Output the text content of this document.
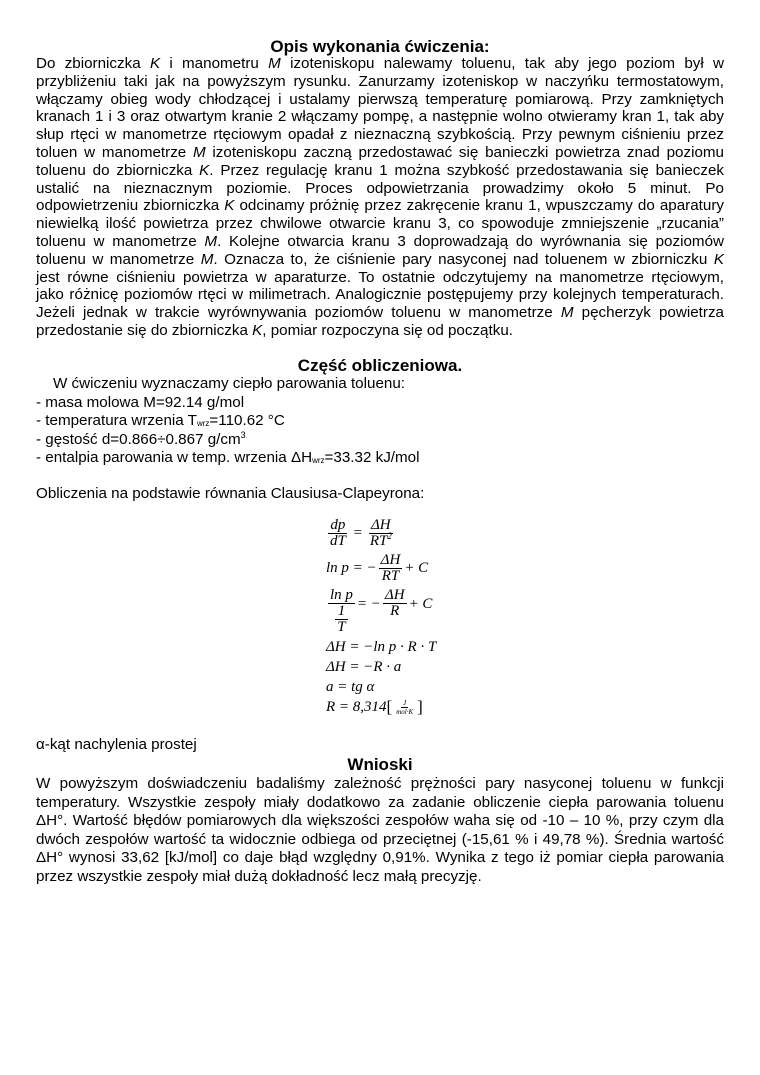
Opis wykonania ćwiczenia:
Do zbiorniczka K i manometru M izoteniskopu nalewamy toluenu, tak aby jego poziom był w
przybliżeniu taki jak na powyższym rysunku. Zanurzamy izoteniskop w naczyńku termostatowym,
włączamy obieg wody chłodzącej i ustalamy pierwszą temperaturę pomiarową. Przy zamkniętych
kranach 1 i 3 oraz otwartym kranie 2 włączamy pompę, a następnie wolno otwieramy kran 1, tak aby
słup rtęci w manometrze rtęciowym opadał z nieznaczną szybkością. Przy pewnym ciśnieniu przez
toluen w manometrze M izoteniskopu zaczną przedostawać się banieczki powietrza znad poziomu
toluenu do zbiorniczka K. Przez regulację kranu 1 można szybkość przedostawania się banieczek
ustalić na nieznacznym poziomie. Proces odpowietrzania prowadzimy około 5 minut. Po
odpowietrzeniu zbiorniczka K odcinamy próżnię przez zakręcenie kranu 1, wpuszczamy do aparatury
niewielką ilość powietrza przez chwilowe otwarcie kranu 3, co spowoduje zmniejszenie „rzucania”
toluenu w manometrze M. Kolejne otwarcia kranu 3 doprowadzają do wyrównania się poziomów
toluenu w manometrze M. Oznacza to, że ciśnienie pary nasyconej nad toluenem w zbiorniczku K
jest równe ciśnieniu powietrza w aparaturze. To ostatnie odczytujemy na manometrze rtęciowym,
jako różnicę poziomów rtęci w milimetrach. Analogicznie postępujemy przy kolejnych temperaturach.
Jeżeli jednak w trakcie wyrównywania poziomów toluenu w manometrze M pęcherzyk powietrza
przedostanie się do zbiorniczka K, pomiar rozpoczyna się od początku.
Część obliczeniowa.
W ćwiczeniu wyznaczamy ciepło parowania toluenu:
- masa molowa M=92.14 g/mol
- temperatura wrzenia $T_{wrz}=110.62$ °C
- gęstość d=0.866÷0.867 $g/cm^3$
- entalpia parowania w temp. wrzenia $\Delta H_{wrz}=33.32$ kJ/mol
Obliczenia na podstawie równania Clausiusa-Clapeyrona:
$\frac{dp}{dT} = \frac{\Delta H}{RT^2}$
ln p = − $\frac{\Delta H}{RT} + C$
$\frac{\text{ln p}}{\frac{1}{T}}$ = − $\frac{\Delta H}{R} + C$
ΔH = −ln p · R · T
ΔH = −R · a
a = tg α
R = 8,314 [ $\frac{J}{\text{mol·K}}$ ]
α-kąt nachylenia prostej
Wnioski
W powyższym doświadczeniu badaliśmy zależność prężności pary nasyconej toluenu w funkcji
temperatury. Wszystkie zespoły miały dodatkowo za zadanie obliczenie ciepła parowania toluenu
ΔH°. Wartość błędów pomiarowych dla większości zespołów waha się od -10 – 10 %, przy czym dla
dwóch zespołów wartość ta widocznie odbiega od przeciętnej (-15,61 % i 49,78 %). Średnia wartość
ΔH° wynosi 33,62 [kJ/mol] co daje błąd względny 0,91%. Wynika z tego iż pomiar ciepła parowania
przez wszystkie zespoły miał dużą dokładność lecz małą precyzję.
